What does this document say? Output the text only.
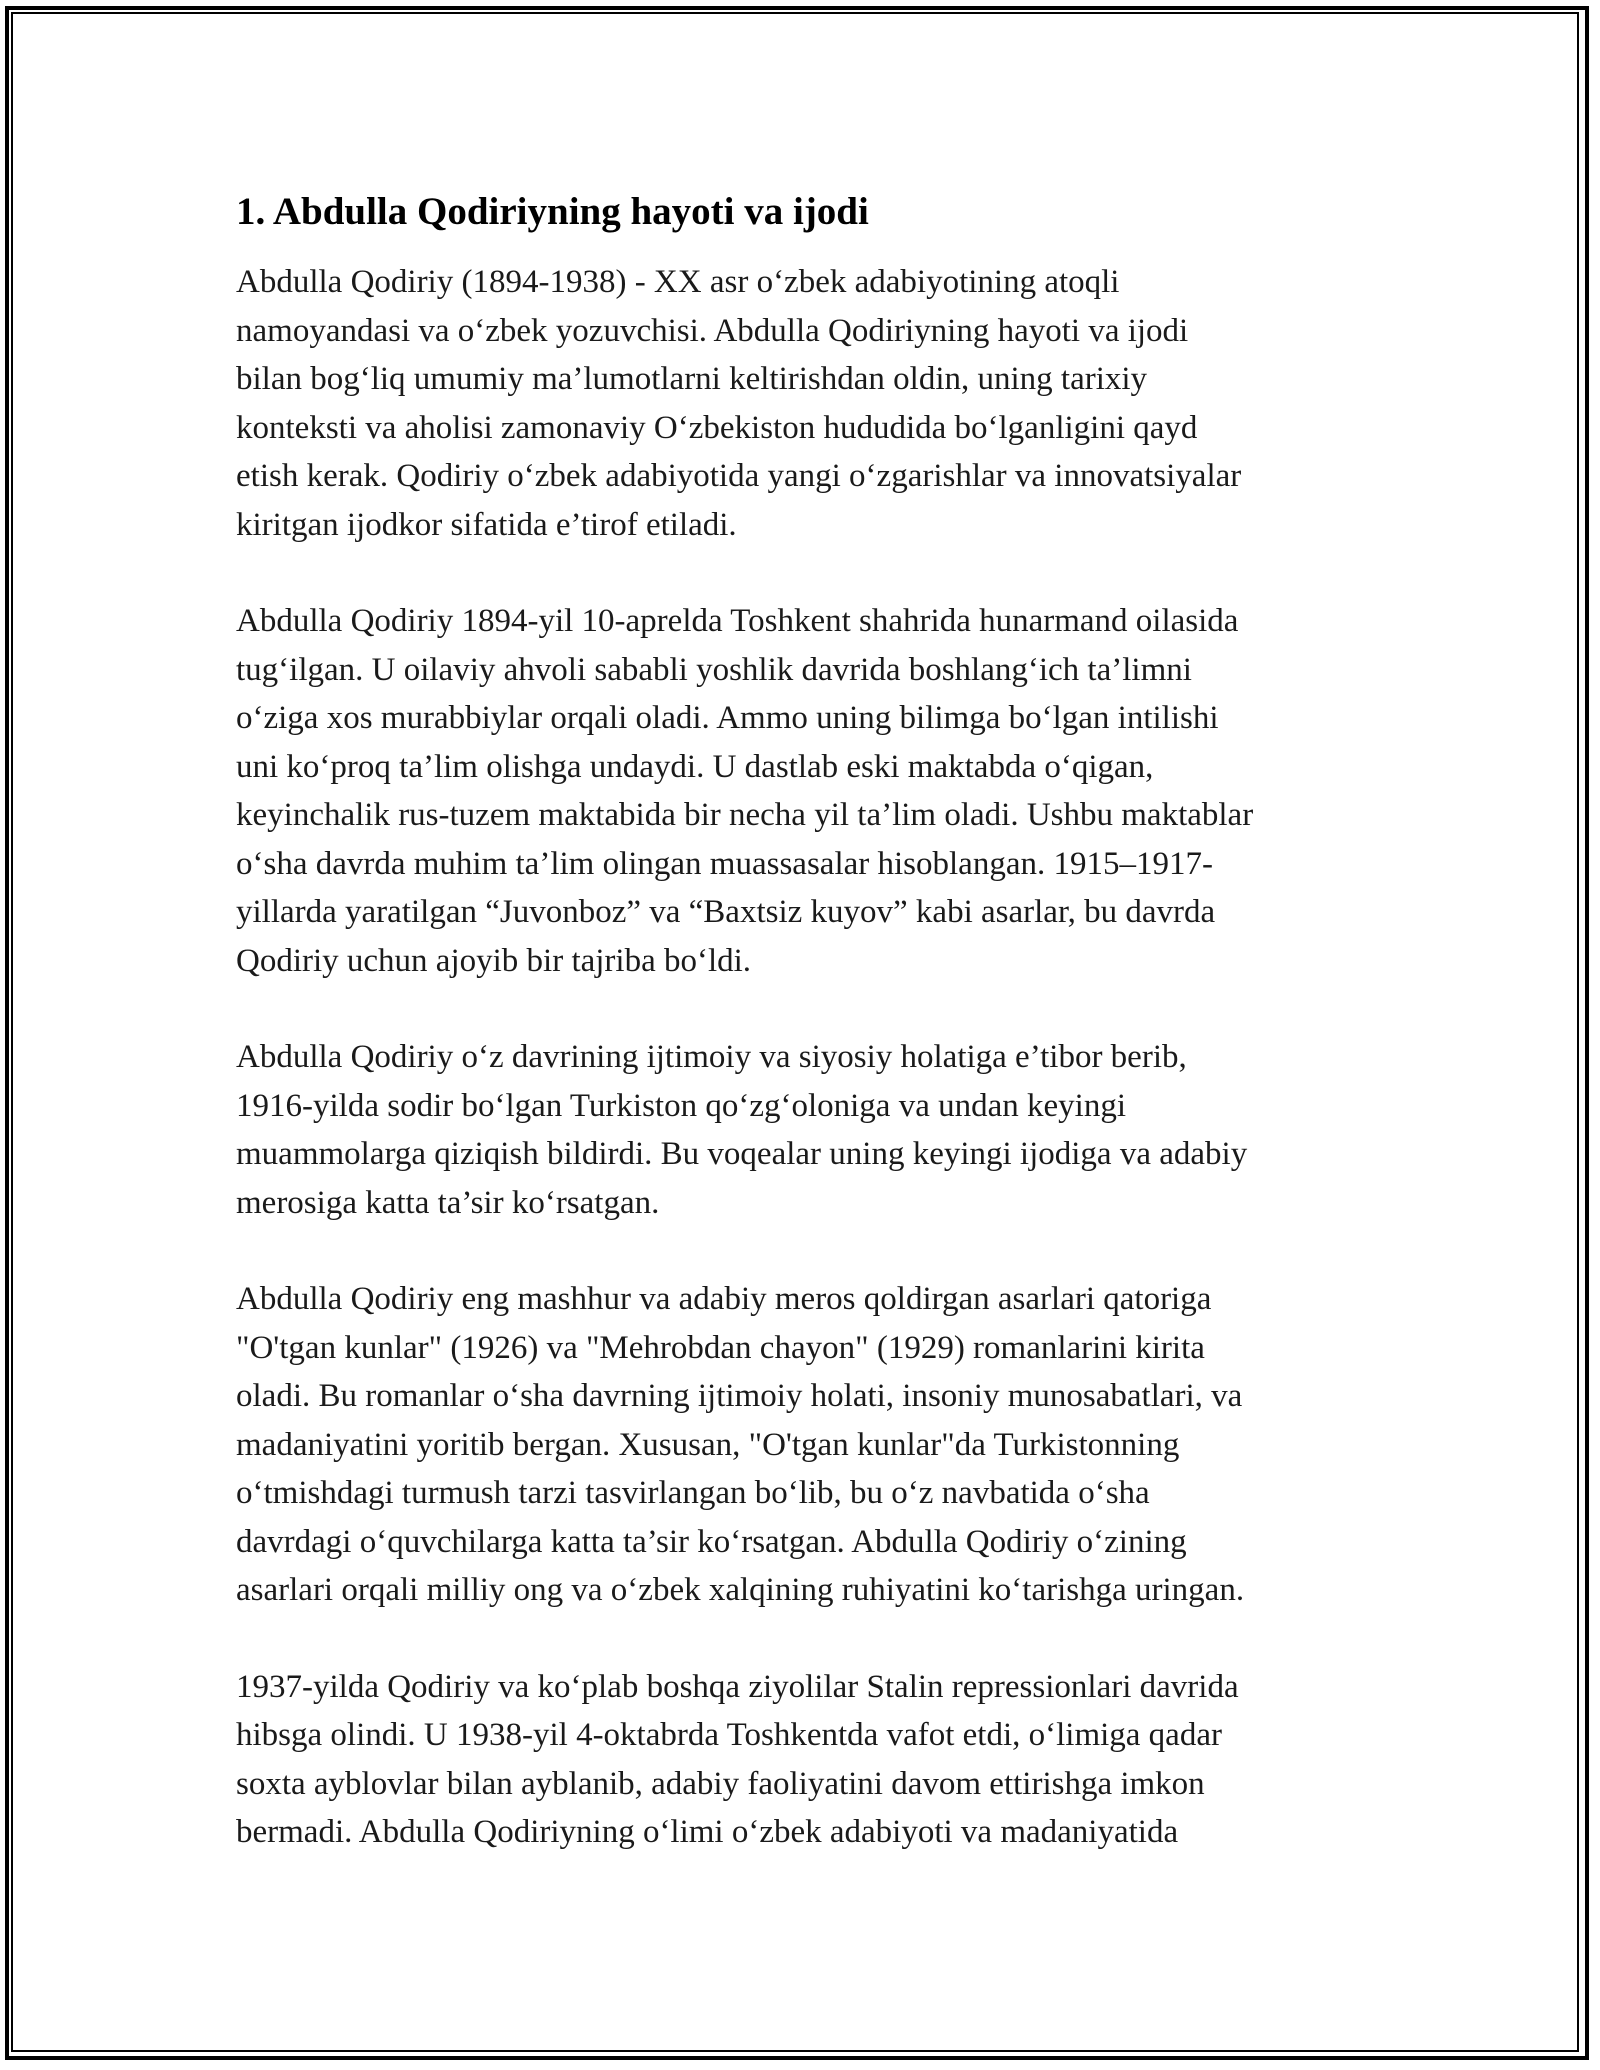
1. Abdulla Qodiriyning hayoti va ijodi
Abdulla Qodiriy (1894-1938) - XX asr o‘zbek adabiyotining atoqli
namoyandasi va o‘zbek yozuvchisi. Abdulla Qodiriyning hayoti va ijodi
bilan bog‘liq umumiy ma’lumotlarni keltirishdan oldin, uning tarixiy
konteksti va aholisi zamonaviy O‘zbekiston hududida bo‘lganligini qayd
etish kerak. Qodiriy o‘zbek adabiyotida yangi o‘zgarishlar va innovatsiyalar
kiritgan ijodkor sifatida e’tirof etiladi.
Abdulla Qodiriy 1894-yil 10-aprelda Toshkent shahrida hunarmand oilasida
tug‘ilgan. U oilaviy ahvoli sababli yoshlik davrida boshlang‘ich ta’limni
o‘ziga xos murabbiylar orqali oladi. Ammo uning bilimga bo‘lgan intilishi
uni ko‘proq ta’lim olishga undaydi. U dastlab eski maktabda o‘qigan,
keyinchalik rus-tuzem maktabida bir necha yil ta’lim oladi. Ushbu maktablar
o‘sha davrda muhim ta’lim olingan muassasalar hisoblangan. 1915–1917-
yillarda yaratilgan “Juvonboz” va “Baxtsiz kuyov” kabi asarlar, bu davrda
Qodiriy uchun ajoyib bir tajriba bo‘ldi.
Abdulla Qodiriy o‘z davrining ijtimoiy va siyosiy holatiga e’tibor berib,
1916-yilda sodir bo‘lgan Turkiston qo‘zg‘oloniga va undan keyingi
muammolarga qiziqish bildirdi. Bu voqealar uning keyingi ijodiga va adabiy
merosiga katta ta’sir ko‘rsatgan.
Abdulla Qodiriy eng mashhur va adabiy meros qoldirgan asarlari qatoriga
"O'tgan kunlar" (1926) va "Mehrobdan chayon" (1929) romanlarini kirita
oladi. Bu romanlar o‘sha davrning ijtimoiy holati, insoniy munosabatlari, va
madaniyatini yoritib bergan. Xususan, "O'tgan kunlar"da Turkistonning
o‘tmishdagi turmush tarzi tasvirlangan bo‘lib, bu o‘z navbatida o‘sha
davrdagi o‘quvchilarga katta ta’sir ko‘rsatgan. Abdulla Qodiriy o‘zining
asarlari orqali milliy ong va o‘zbek xalqining ruhiyatini ko‘tarishga uringan.
1937-yilda Qodiriy va ko‘plab boshqa ziyolilar Stalin repressionlari davrida
hibsga olindi. U 1938-yil 4-oktabrda Toshkentda vafot etdi, o‘limiga qadar
soxta ayblovlar bilan ayblanib, adabiy faoliyatini davom ettirishga imkon
bermadi. Abdulla Qodiriyning o‘limi o‘zbek adabiyoti va madaniyatida
